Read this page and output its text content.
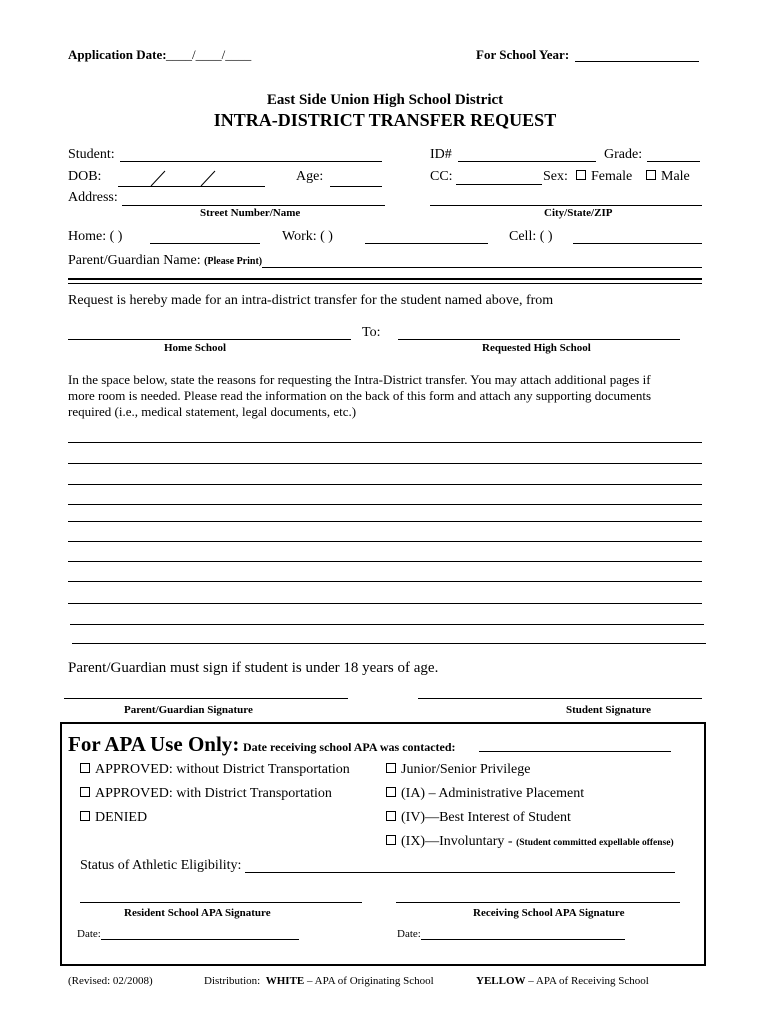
Application Date: ____/____/____	For School Year:
East Side Union High School District
INTRA-DISTRICT TRANSFER REQUEST
Student:	ID#	Grade:
DOB:	Age:	CC:	Sex:	Female	Male
Address:
Street Number/Name	City/State/ZIP
Home: ( )	Work: ( )	Cell: ( )
Parent/Guardian Name: (Please Print)
Request is hereby made for an intra-district transfer for the student named above, from
To:
Home School	Requested High School
In the space below, state the reasons for requesting the Intra-District transfer. You may attach additional pages if
more room is needed. Please read the information on the back of this form and attach any supporting documents
required (i.e., medical statement, legal documents, etc.)
Parent/Guardian must sign if student is under 18 years of age.
Parent/Guardian Signature	Student Signature
For APA Use Only: Date receiving school APA was contacted:
APPROVED: without District Transportation
APPROVED: with District Transportation
DENIED
Junior/Senior Privilege
(IA) – Administrative Placement
(IV)—Best Interest of Student
(IX)—Involuntary - (Student committed expellable offense)
Status of Athletic Eligibility:
Resident School APA Signature	Receiving School APA Signature
Date:	Date:
(Revised: 02/2008)	Distribution: WHITE – APA of Originating School	YELLOW – APA of Receiving School
